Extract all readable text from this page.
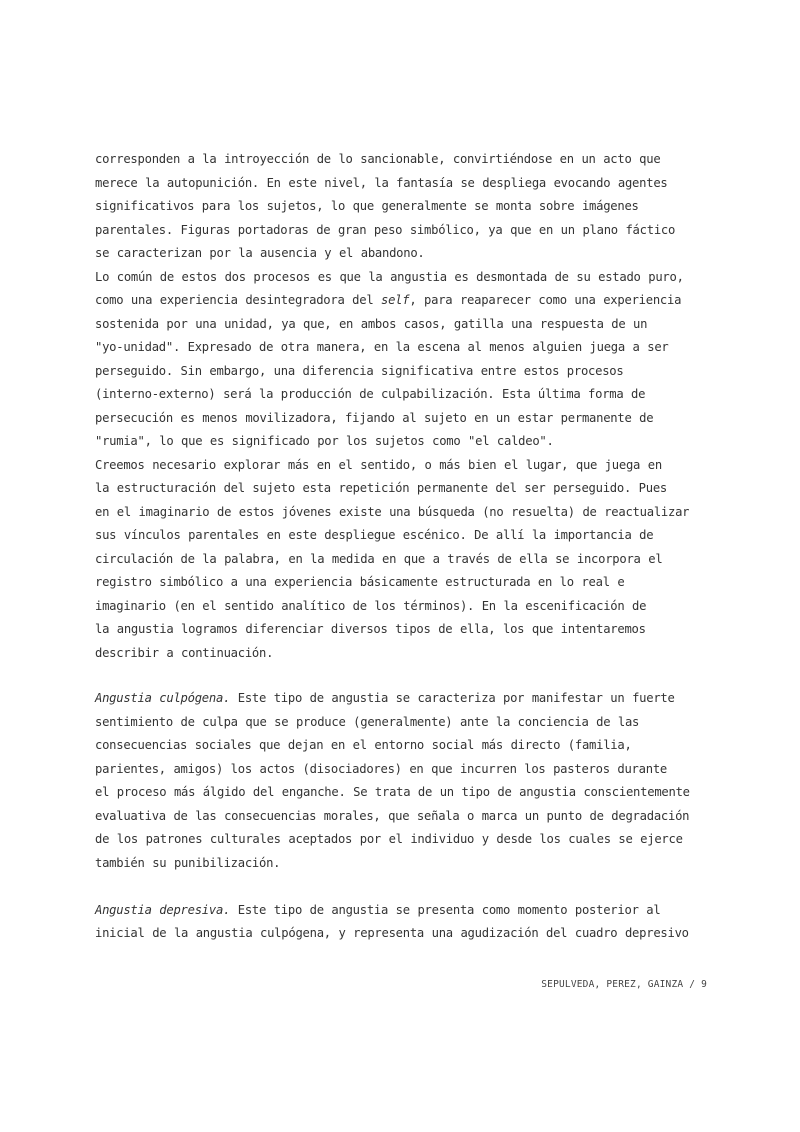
corresponden a la introyección de lo sancionable, convirtiéndose en un acto que
merece la autopunición. En este nivel, la fantasía se despliega evocando agentes
significativos para los sujetos, lo que generalmente se monta sobre imágenes
parentales. Figuras portadoras de gran peso simbólico, ya que en un plano fáctico
se caracterizan por la ausencia y el abandono.
Lo común de estos dos procesos es que la angustia es desmontada de su estado puro,
como una experiencia desintegradora del self, para reaparecer como una experiencia
sostenida por una unidad, ya que, en ambos casos, gatilla una respuesta de un
"yo-unidad". Expresado de otra manera, en la escena al menos alguien juega a ser
perseguido. Sin embargo, una diferencia significativa entre estos procesos
(interno-externo) será la producción de culpabilización. Esta última forma de
persecución es menos movilizadora, fijando al sujeto en un estar permanente de
"rumia", lo que es significado por los sujetos como "el caldeo".
Creemos necesario explorar más en el sentido, o más bien el lugar, que juega en
la estructuración del sujeto esta repetición permanente del ser perseguido. Pues
en el imaginario de estos jóvenes existe una búsqueda (no resuelta) de reactualizar
sus vínculos parentales en este despliegue escénico. De allí la importancia de
circulación de la palabra, en la medida en que a través de ella se incorpora el
registro simbólico a una experiencia básicamente estructurada en lo real e
imaginario (en el sentido analítico de los términos). En la escenificación de
la angustia logramos diferenciar diversos tipos de ella, los que intentaremos
describir a continuación.
Angustia culpógena. Este tipo de angustia se caracteriza por manifestar un fuerte
sentimiento de culpa que se produce (generalmente) ante la conciencia de las
consecuencias sociales que dejan en el entorno social más directo (familia,
parientes, amigos) los actos (disociadores) en que incurren los pasteros durante
el proceso más álgido del enganche. Se trata de un tipo de angustia conscientemente
evaluativa de las consecuencias morales, que señala o marca un punto de degradación
de los patrones culturales aceptados por el individuo y desde los cuales se ejerce
también su punibilización.
Angustia depresiva. Este tipo de angustia se presenta como momento posterior al
inicial de la angustia culpógena, y representa una agudización del cuadro depresivo
SEPULVEDA, PEREZ, GAINZA / 9
